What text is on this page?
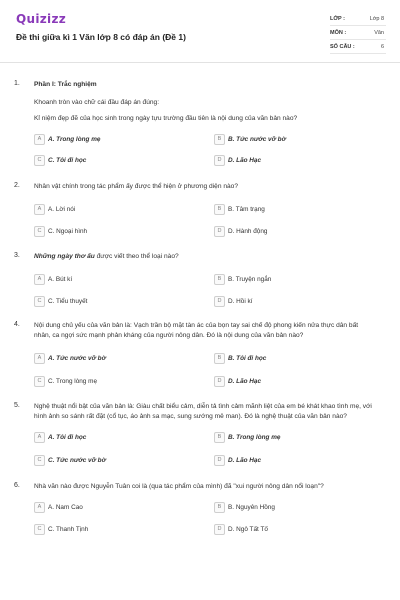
Quizizz
Đề thi giữa kì 1 Văn lớp 8 có đáp án (Đề 1)
LỚP :	Lớp 8
MÔN :	Văn
SỐ CÂU :	6
1. Phần I: Trắc nghiệm
Khoanh tròn vào chữ cái đầu đáp án đúng:
Kỉ niệm đẹp đẽ của học sinh trong ngày tựu trường đầu tiên là nội dung của văn bản nào?
A	A. Trong lòng mẹ	B	B. Tức nước vỡ bờ
C	C. Tôi đi học	D	D. Lão Hạc
2. Nhân vật chính trong tác phẩm ấy được thể hiện ở phương diện nào?
A	A. Lời nói	B	B. Tâm trạng
C	C. Ngoại hình	D	D. Hành động
3. Những ngày thơ ấu được viết theo thể loại nào?
A	A. Bút kí	B	B. Truyện ngắn
C	C. Tiểu thuyết	D	D. Hồi kí
4. Nội dung chủ yếu của văn bản là: Vạch trần bộ mặt tàn ác của bọn tay sai chế độ phong kiến nửa thực dân bất
nhân, ca ngợi sức mạnh phản kháng của người nông dân. Đó là nội dung của văn bản nào?
A	A. Tức nước vỡ bờ	B	B. Tôi đi học
C	C. Trong lòng mẹ	D	D. Lão Hạc
5. Nghệ thuật nổi bật của văn bản là: Giàu chất biểu cảm, diễn tả tình cảm mãnh liệt của em bé khát khao tình mẹ, với
hình ảnh so sánh rất đặt (cổ tục, áo ảnh sa mạc, sung sướng mê man). Đó là nghệ thuật của văn bản nào?
A	A. Tôi đi học	B	B. Trong lòng mẹ
C	C. Tức nước vỡ bờ	D	D. Lão Hạc
6. Nhà văn nào được Nguyễn Tuân coi là (qua tác phẩm của mình) đã "xui người nông dân nổi loạn"?
A	A. Nam Cao	B	B. Nguyên Hồng
C	C. Thanh Tịnh	D	D. Ngô Tất Tố
